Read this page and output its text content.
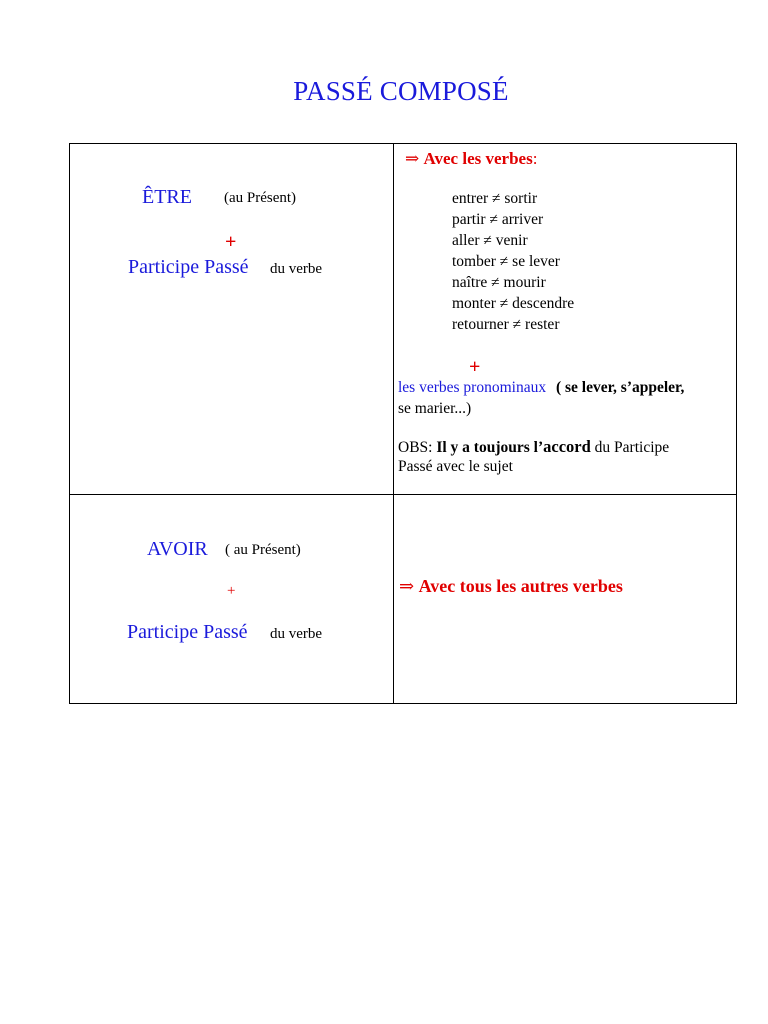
PASSÉ COMPOSÉ
ÊTRE (au Présent)
+
Participe Passé du verbe
⇒ Avec les verbes:
entrer ≠ sortir
partir ≠ arriver
aller ≠ venir
tomber ≠ se lever
naître ≠ mourir
monter ≠ descendre
retourner ≠ rester
+
les verbes pronominaux ( se lever, s’appeler,
se marier...)
OBS: Il y a toujours l’accord du Participe
Passé avec le sujet
AVOIR ( au Présent)
+
Participe Passé du verbe
⇒ Avec tous les autres verbes
